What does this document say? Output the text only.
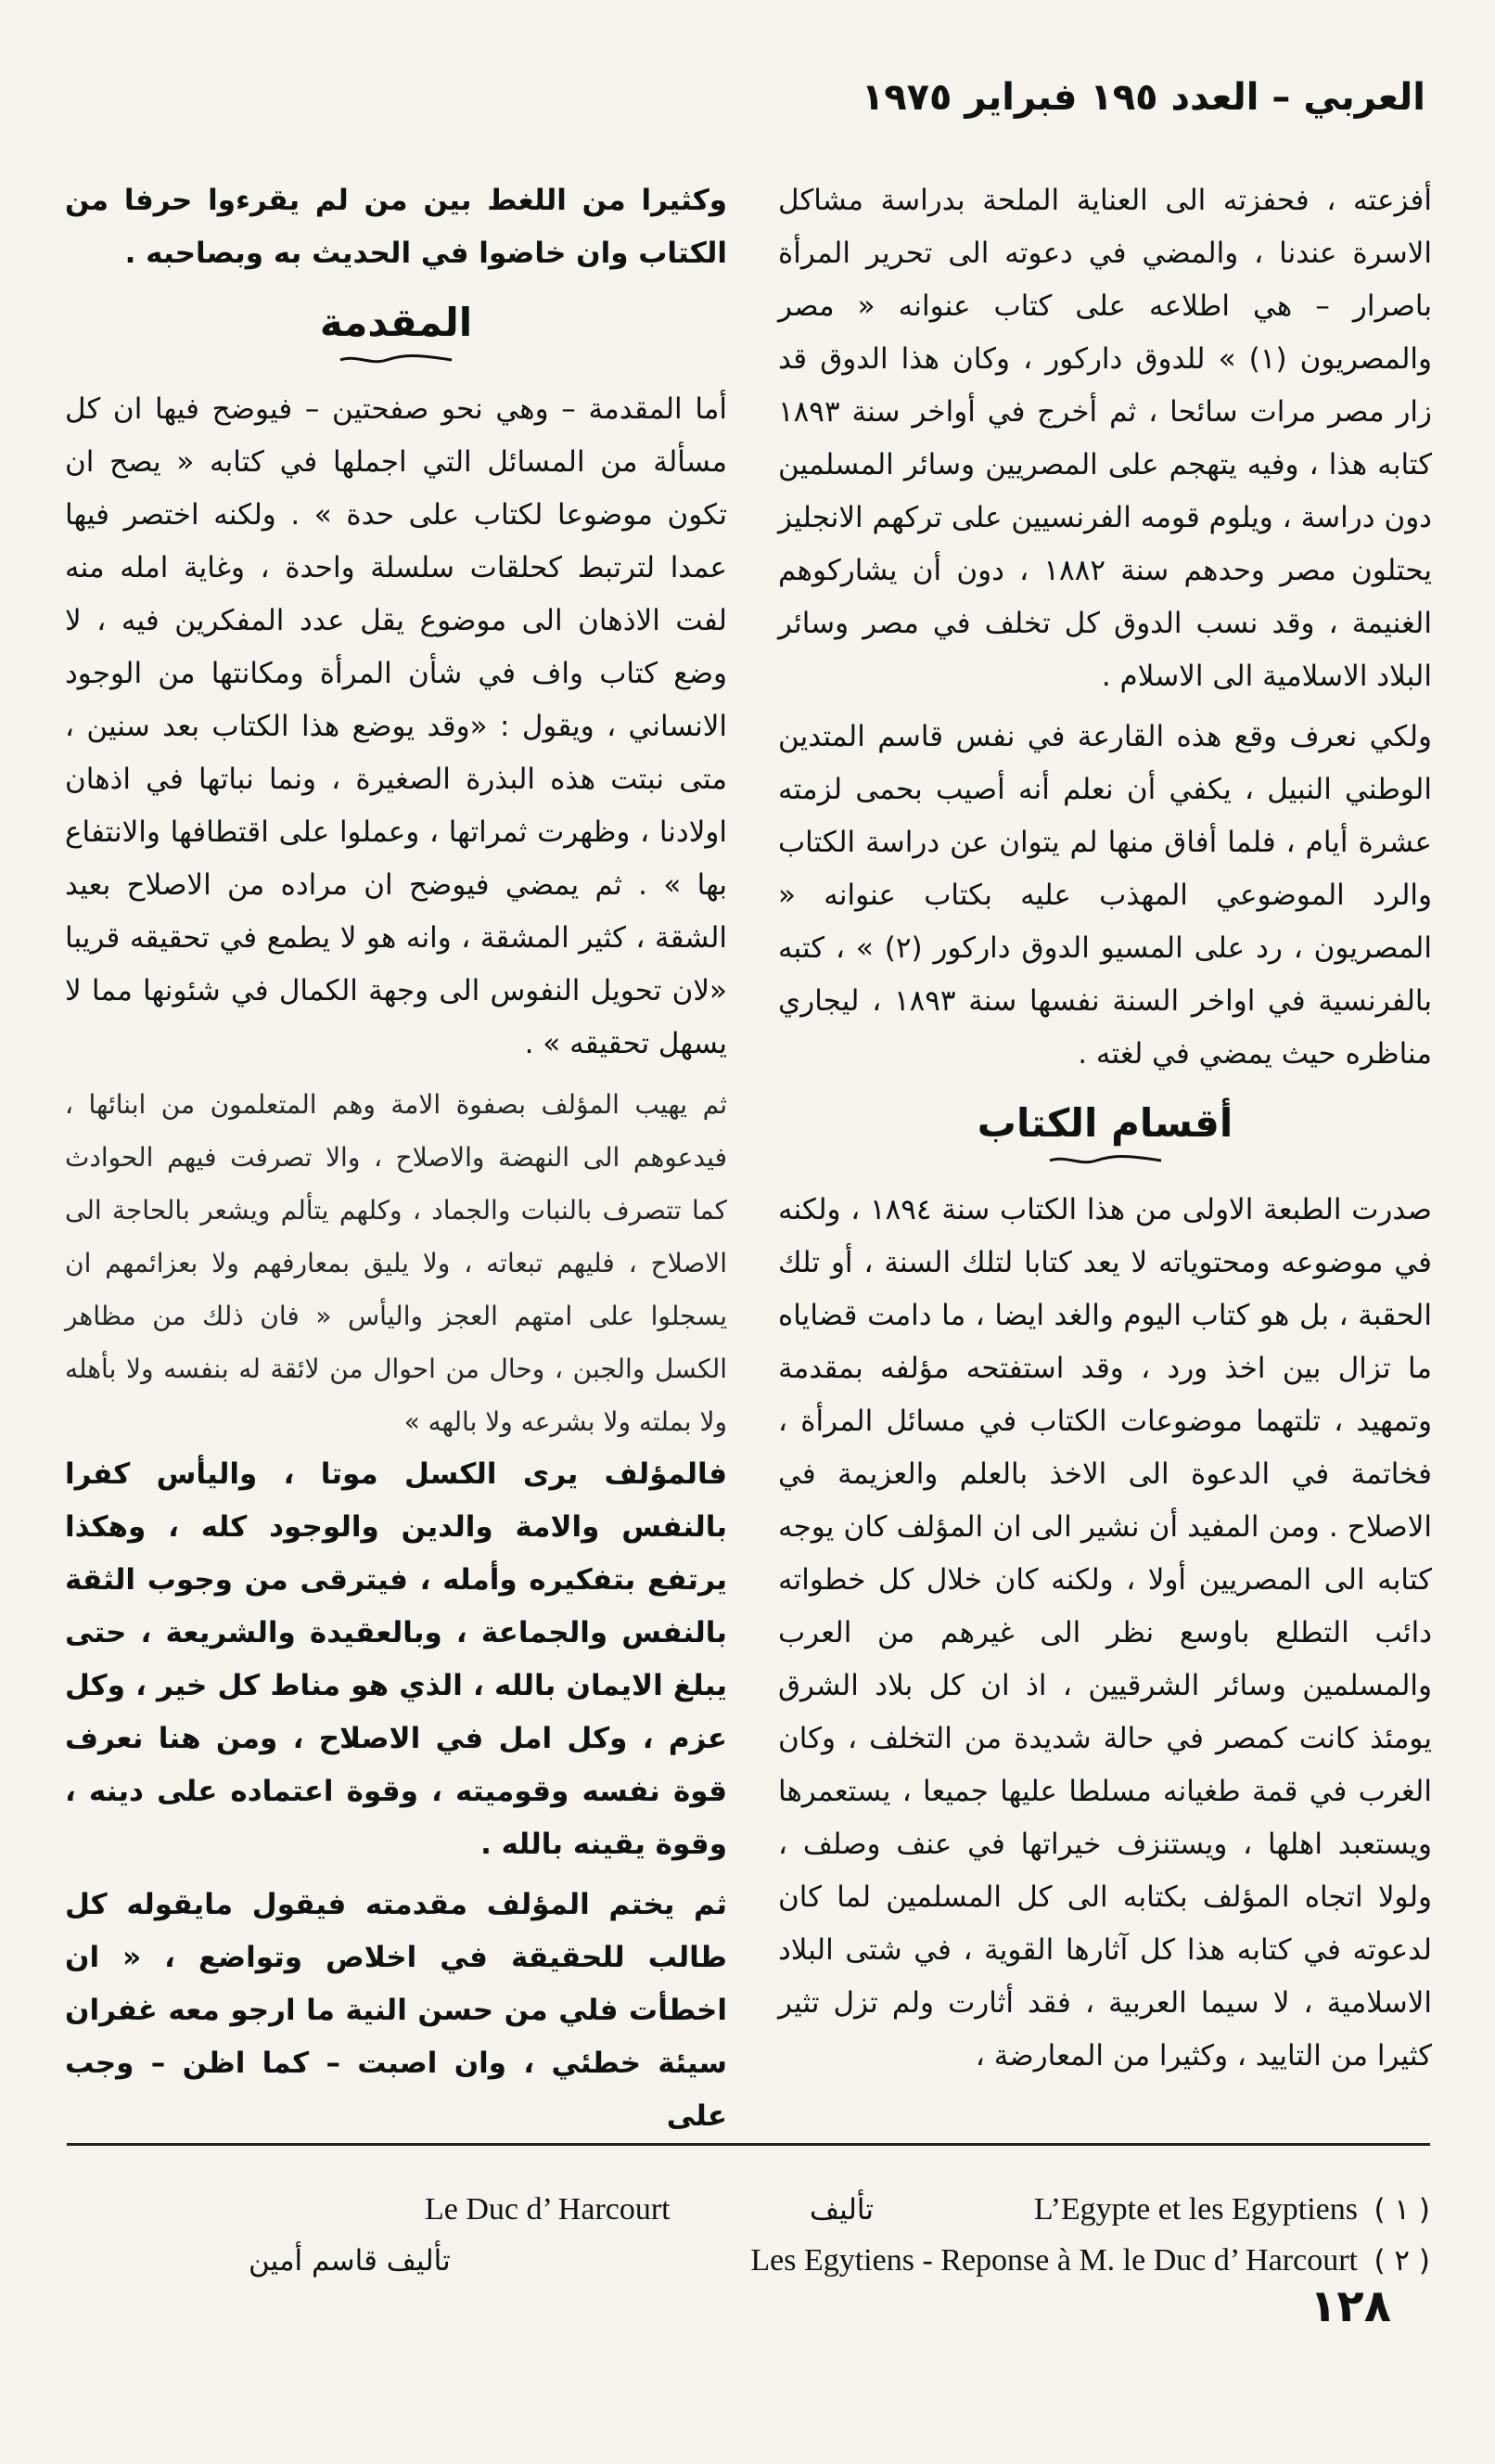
العربي – العدد ١٩٥ فبراير ١٩٧٥

أفزعته ، فحفزته الى العناية الملحة بدراسة مشاكل الاسرة عندنا ، والمضي في دعوته الى تحرير المرأة باصرار – هي اطلاعه على كتاب عنوانه « مصر والمصريون (١) » للدوق داركور ، وكان هذا الدوق قد زار مصر مرات سائحا ، ثم أخرج في أواخر سنة ١٨٩٣ كتابه هذا ، وفيه يتهجم على المصريين وسائر المسلمين دون دراسة ، ويلوم قومه الفرنسيين على تركهم الانجليز يحتلون مصر وحدهم سنة ١٨٨٢ ، دون أن يشاركوهم الغنيمة ، وقد نسب الدوق كل تخلف في مصر وسائر البلاد الاسلامية الى الاسلام .

ولكي نعرف وقع هذه القارعة في نفس قاسم المتدين الوطني النبيل ، يكفي أن نعلم أنه أصيب بحمى لزمته عشرة أيام ، فلما أفاق منها لم يتوان عن دراسة الكتاب والرد الموضوعي المهذب عليه بكتاب عنوانه « المصريون ، رد على المسيو الدوق داركور (٢) » ، كتبه بالفرنسية في اواخر السنة نفسها سنة ١٨٩٣ ، ليجاري مناظره حيث يمضي في لغته .

أقسام الكتاب

صدرت الطبعة الاولى من هذا الكتاب سنة ١٨٩٤ ، ولكنه في موضوعه ومحتوياته لا يعد كتابا لتلك السنة ، أو تلك الحقبة ، بل هو كتاب اليوم والغد ايضا ، ما دامت قضاياه ما تزال بين اخذ ورد ، وقد استفتحه مؤلفه بمقدمة وتمهيد ، تلتهما موضوعات الكتاب في مسائل المرأة ، فخاتمة في الدعوة الى الاخذ بالعلم والعزيمة في الاصلاح . ومن المفيد أن نشير الى ان المؤلف كان يوجه كتابه الى المصريين أولا ، ولكنه كان خلال كل خطواته دائب التطلع باوسع نظر الى غيرهم من العرب والمسلمين وسائر الشرقيين ، اذ ان كل بلاد الشرق يومئذ كانت كمصر في حالة شديدة من التخلف ، وكان الغرب في قمة طغيانه مسلطا عليها جميعا ، يستعمرها ويستعبد اهلها ، ويستنزف خيراتها في عنف وصلف ، ولولا اتجاه المؤلف بكتابه الى كل المسلمين لما كان لدعوته في كتابه هذا كل آثارها القوية ، في شتى البلاد الاسلامية ، لا سيما العربية ، فقد أثارت ولم تزل تثير كثيرا من التاييد ، وكثيرا من المعارضة ،

وكثيرا من اللغط بين من لم يقرءوا حرفا من الكتاب وان خاضوا في الحديث به وبصاحبه .

المقدمة

أما المقدمة – وهي نحو صفحتين – فيوضح فيها ان كل مسألة من المسائل التي اجملها في كتابه « يصح ان تكون موضوعا لكتاب على حدة » . ولكنه اختصر فيها عمدا لترتبط كحلقات سلسلة واحدة ، وغاية امله منه لفت الاذهان الى موضوع يقل عدد المفكرين فيه ، لا وضع كتاب واف في شأن المرأة ومكانتها من الوجود الانساني ، ويقول : «وقد يوضع هذا الكتاب بعد سنين ، متى نبتت هذه البذرة الصغيرة ، ونما نباتها في اذهان اولادنا ، وظهرت ثمراتها ، وعملوا على اقتطافها والانتفاع بها » . ثم يمضي فيوضح ان مراده من الاصلاح بعيد الشقة ، كثير المشقة ، وانه هو لا يطمع في تحقيقه قريبا «لان تحويل النفوس الى وجهة الكمال في شئونها مما لا يسهل تحقيقه » .

ثم يهيب المؤلف بصفوة الامة وهم المتعلمون من ابنائها ، فيدعوهم الى النهضة والاصلاح ، والا تصرفت فيهم الحوادث كما تتصرف بالنبات والجماد ، وكلهم يتألم ويشعر بالحاجة الى الاصلاح ، فليهم تبعاته ، ولا يليق بمعارفهم ولا بعزائمهم ان يسجلوا على امتهم العجز واليأس « فان ذلك من مظاهر الكسل والجبن ، وحال من احوال من لائقة له بنفسه ولا بأهله ولا بملته ولا بشرعه ولا بالهه »

فالمؤلف يرى الكسل موتا ، واليأس كفرا بالنفس والامة والدين والوجود كله ، وهكذا يرتفع بتفكيره وأمله ، فيترقى من وجوب الثقة بالنفس والجماعة ، وبالعقيدة والشريعة ، حتى يبلغ الايمان بالله ، الذي هو مناط كل خير ، وكل عزم ، وكل امل في الاصلاح ، ومن هنا نعرف قوة نفسه وقوميته ، وقوة اعتماده على دينه ، وقوة يقينه بالله .

ثم يختم المؤلف مقدمته فيقول مايقوله كل طالب للحقيقة في اخلاص وتواضع ، « ان اخطأت فلي من حسن النية ما ارجو معه غفران سيئة خطئي ، وان اصبت – كما اظن – وجب على

( ١ )
L’Egypte et les Egyptiens
تأليف
Le Duc d’ Harcourt
( ٢ )
Les Egytiens - Reponse à M. le Duc d’ Harcourt
تأليف قاسم أمين
١٢٨
